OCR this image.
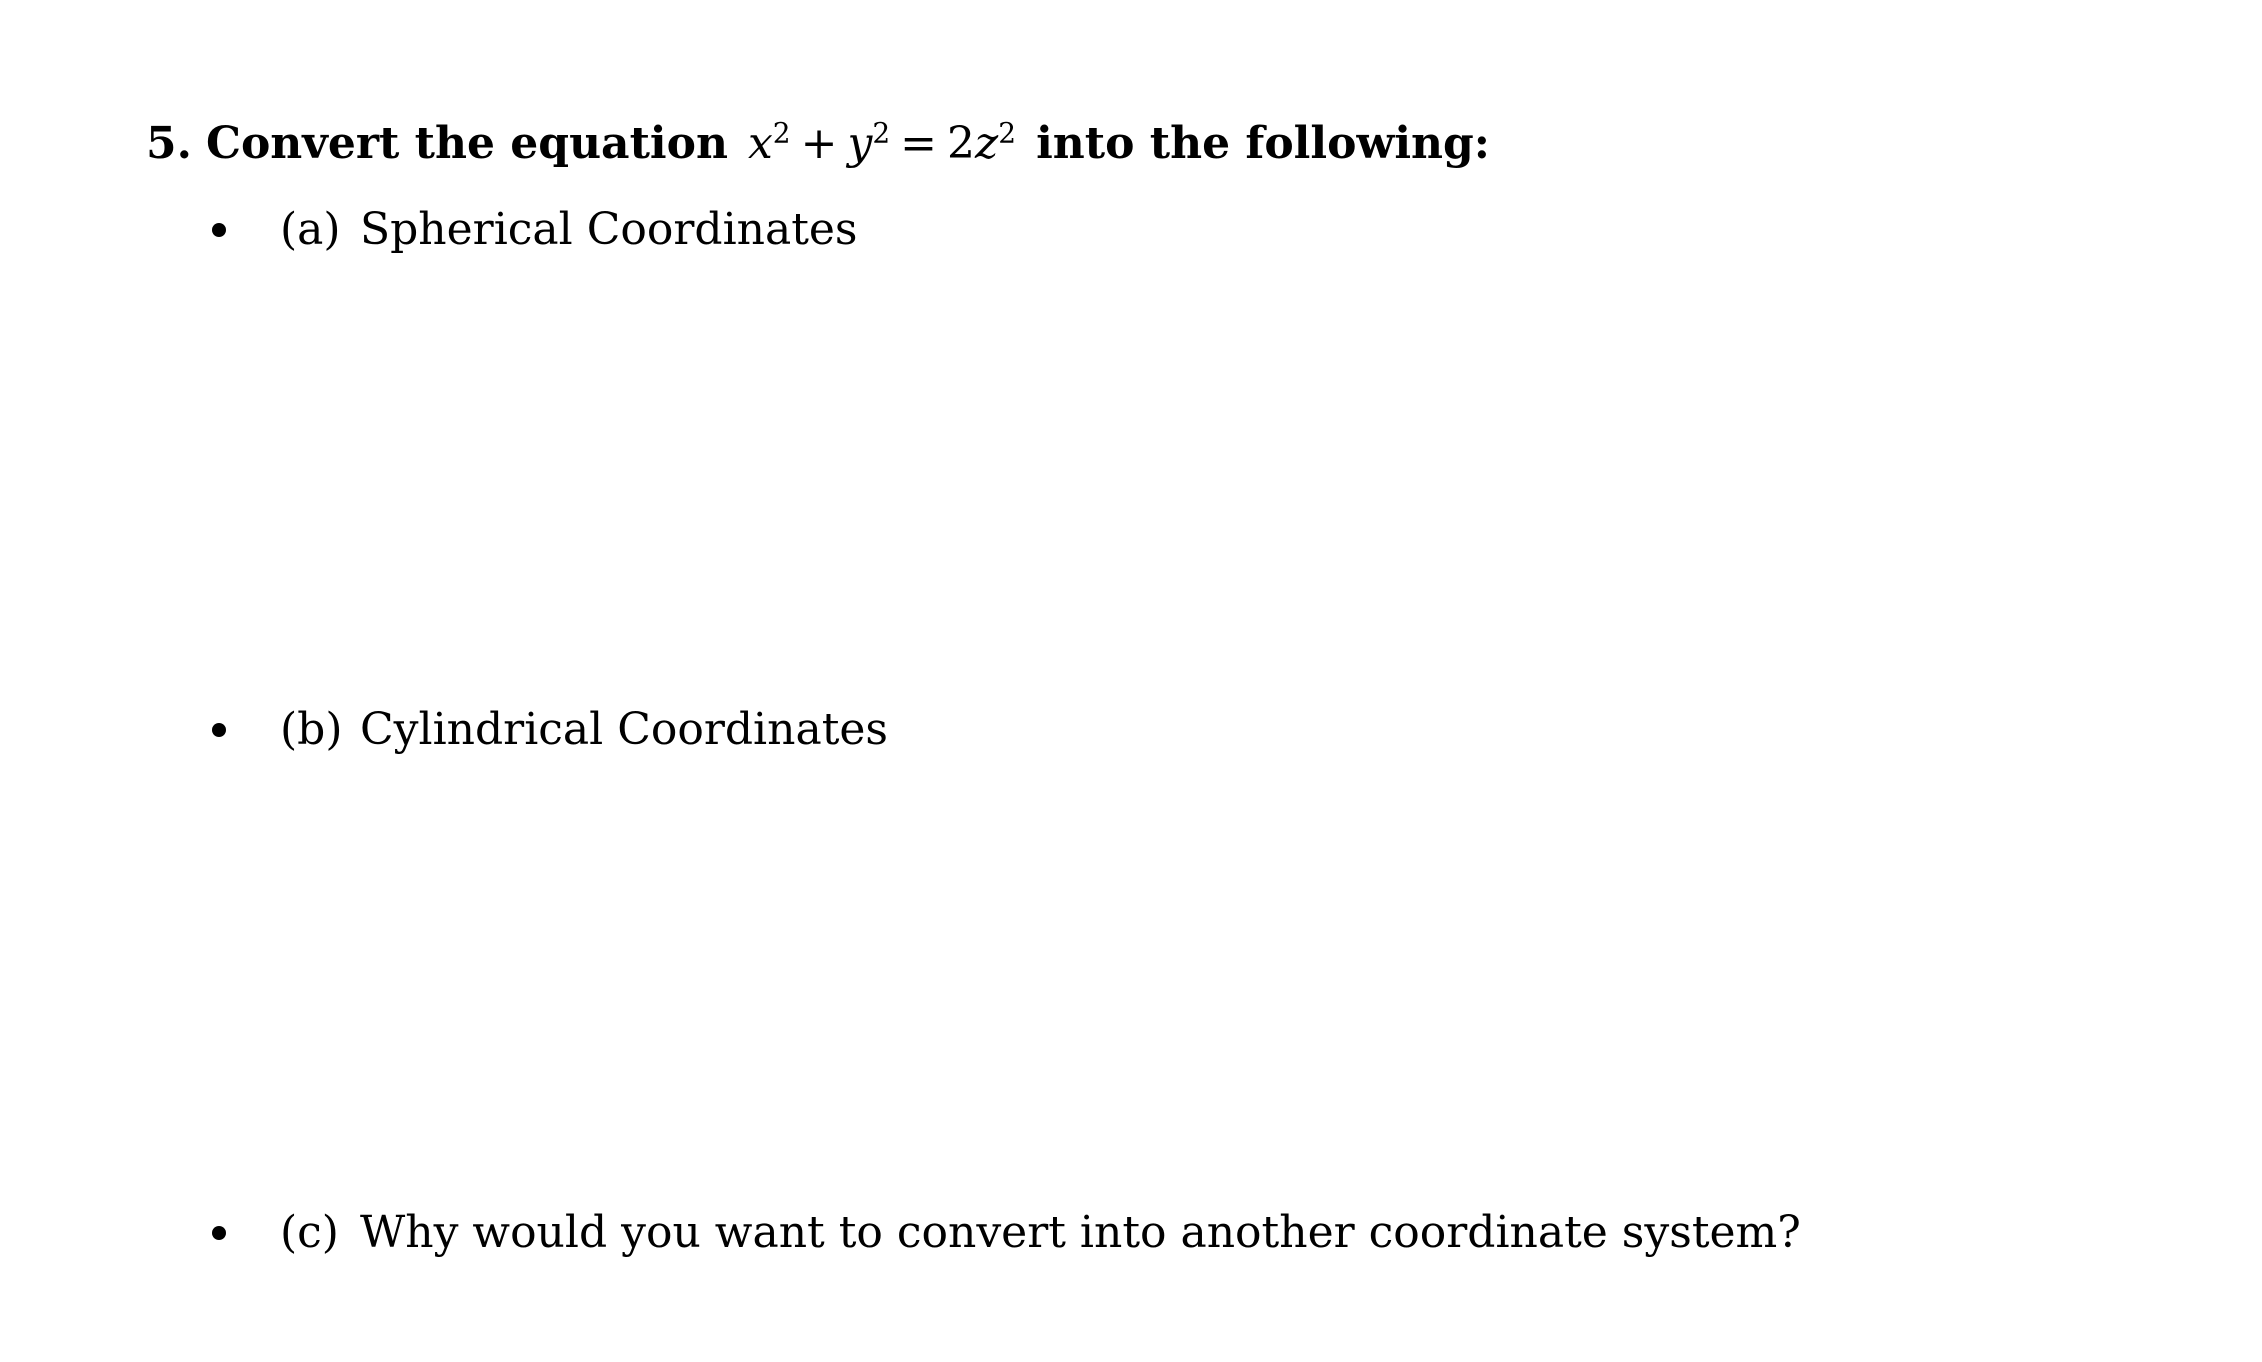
5. Convert the equation $x^2 + y^2 = 2z^2$ into the following:
(a) Spherical Coordinates
(b) Cylindrical Coordinates
(c) Why would you want to convert into another coordinate system?
